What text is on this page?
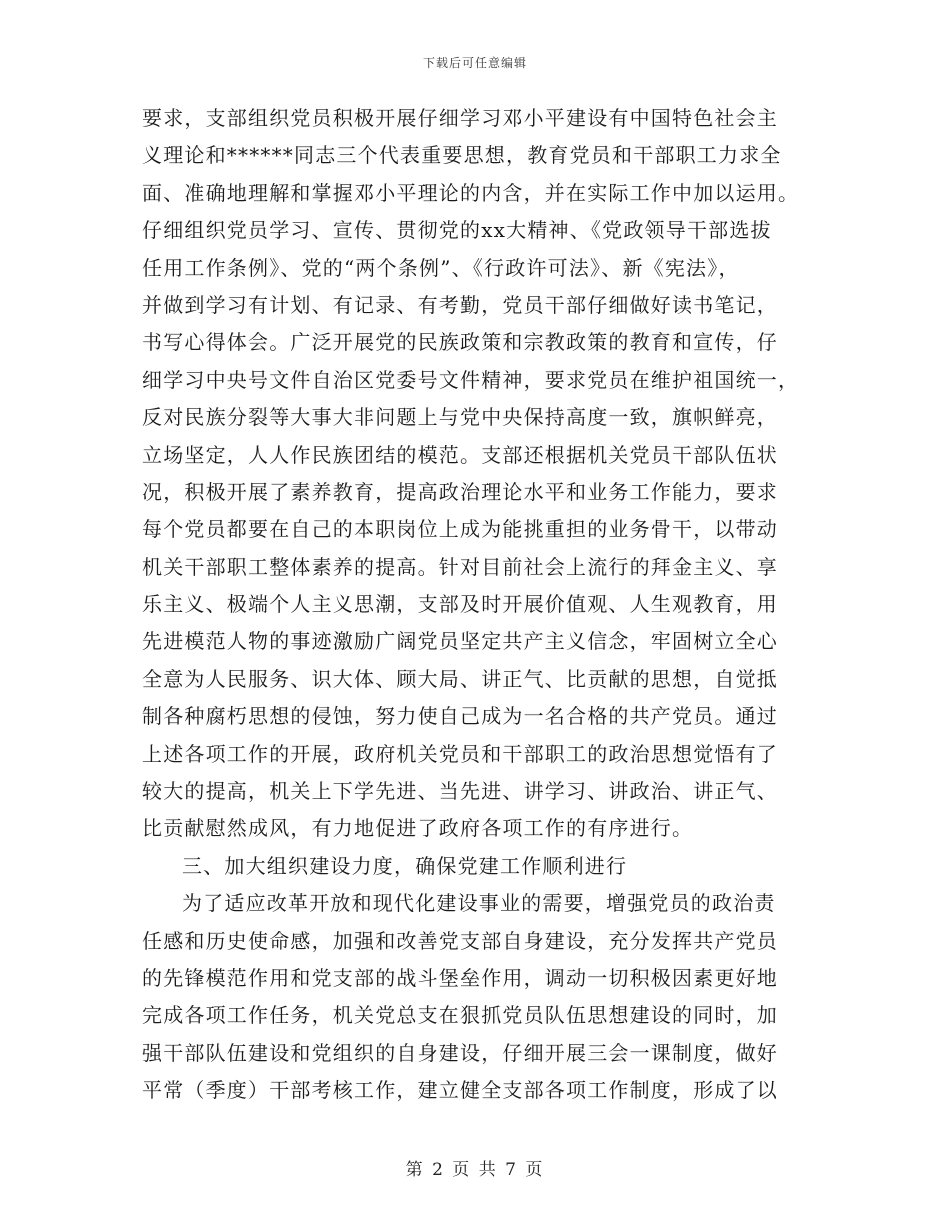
下载后可任意编辑
要求，支部组织党员积极开展仔细学习邓小平建设有中国特色社会主
义理论和******同志三个代表重要思想，教育党员和干部职工力求全
面、准确地理解和掌握邓小平理论的内含，并在实际工作中加以运用。
仔细组织党员学习、宣传、贯彻党的xx大精神、《党政领导干部选拔
任用工作条例》、党的“两个条例”、《行政许可法》、新《宪法》，
并做到学习有计划、有记录、有考勤，党员干部仔细做好读书笔记，
书写心得体会。广泛开展党的民族政策和宗教政策的教育和宣传，仔
细学习中央号文件自治区党委号文件精神，要求党员在维护祖国统一，
反对民族分裂等大事大非问题上与党中央保持高度一致，旗帜鲜亮，
立场坚定，人人作民族团结的模范。支部还根据机关党员干部队伍状
况，积极开展了素养教育，提高政治理论水平和业务工作能力，要求
每个党员都要在自己的本职岗位上成为能挑重担的业务骨干，以带动
机关干部职工整体素养的提高。针对目前社会上流行的拜金主义、享
乐主义、极端个人主义思潮，支部及时开展价值观、人生观教育，用
先进模范人物的事迹激励广阔党员坚定共产主义信念，牢固树立全心
全意为人民服务、识大体、顾大局、讲正气、比贡献的思想，自觉抵
制各种腐朽思想的侵蚀，努力使自己成为一名合格的共产党员。通过
上述各项工作的开展，政府机关党员和干部职工的政治思想觉悟有了
较大的提高，机关上下学先进、当先进、讲学习、讲政治、讲正气、
比贡献慰然成风，有力地促进了政府各项工作的有序进行。
三、加大组织建设力度，确保党建工作顺利进行
为了适应改革开放和现代化建设事业的需要，增强党员的政治责
任感和历史使命感，加强和改善党支部自身建设，充分发挥共产党员
的先锋模范作用和党支部的战斗堡垒作用，调动一切积极因素更好地
完成各项工作任务，机关党总支在狠抓党员队伍思想建设的同时，加
强干部队伍建设和党组织的自身建设，仔细开展三会一课制度，做好
平常（季度）干部考核工作，建立健全支部各项工作制度，形成了以
第 2 页 共 7 页
